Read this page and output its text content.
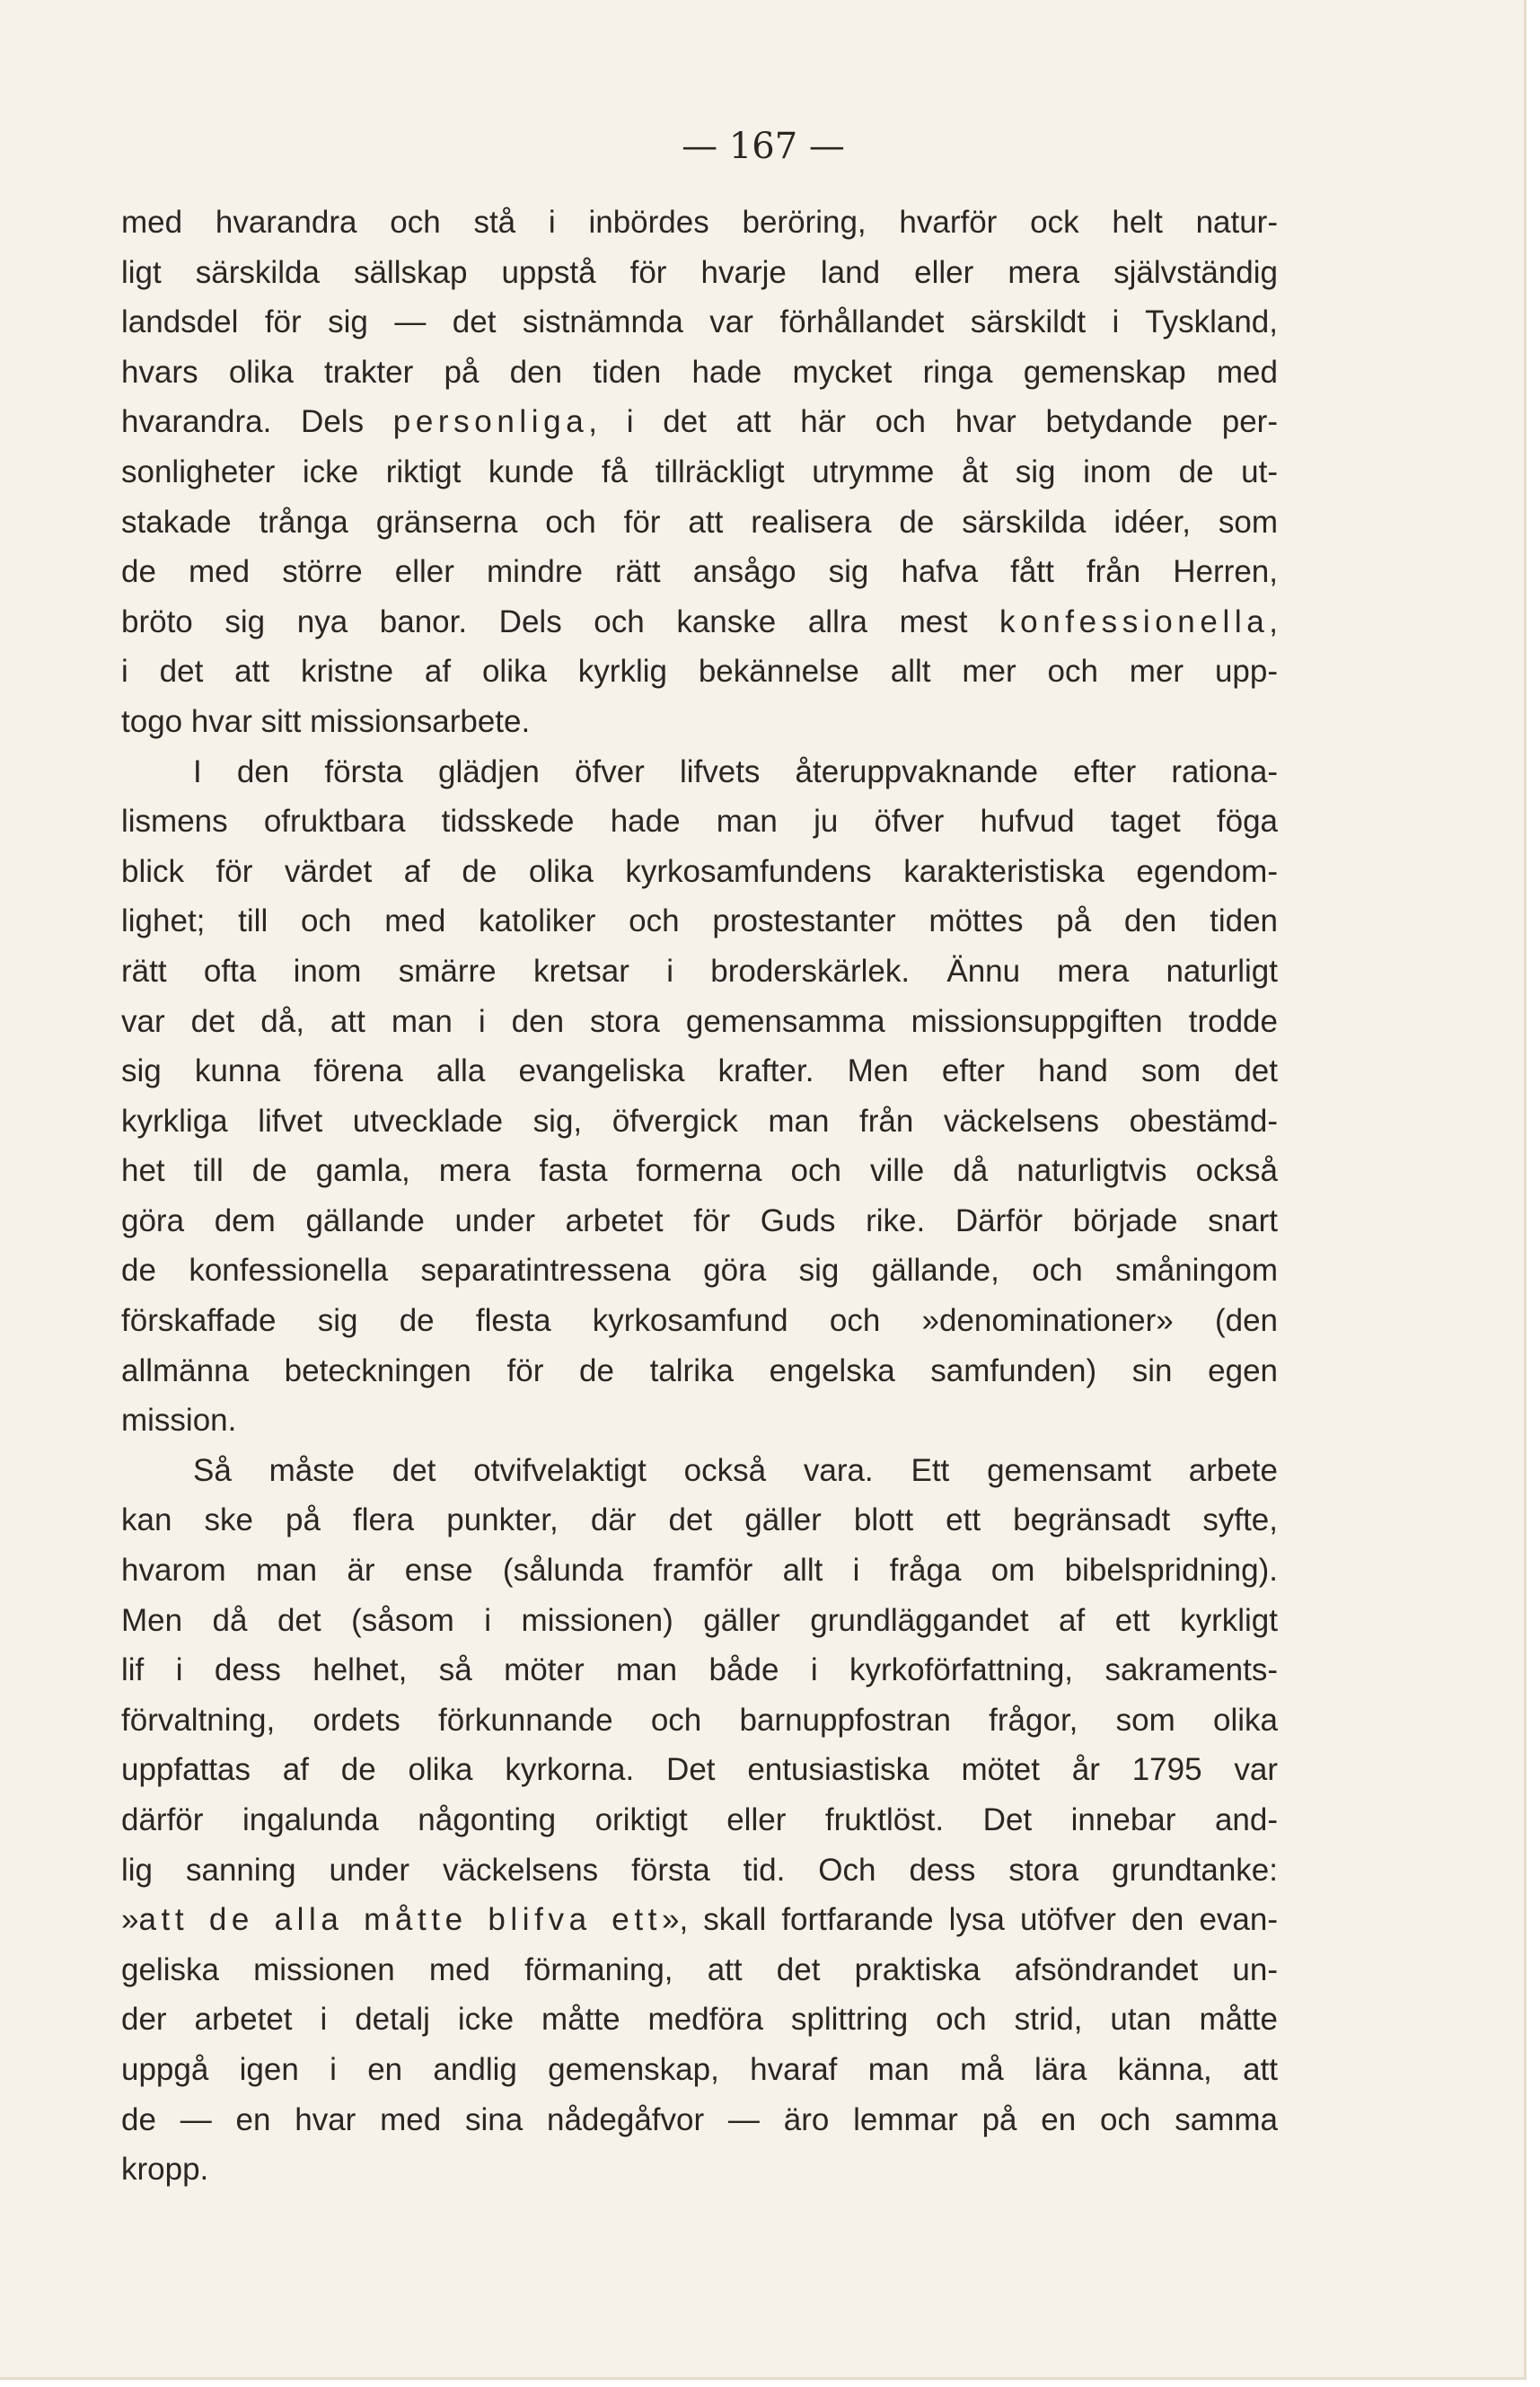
— 167 —

med hvarandra och stå i inbördes beröring, hvarför ock helt natur-
ligt särskilda sällskap uppstå för hvarje land eller mera självständig
landsdel för sig — det sistnämnda var förhållandet särskildt i Tyskland,
hvars olika trakter på den tiden hade mycket ringa gemenskap med
hvarandra. Dels personliga, i det att här och hvar betydande per-
sonligheter icke riktigt kunde få tillräckligt utrymme åt sig inom de ut-
stakade trånga gränserna och för att realisera de särskilda idéer, som
de med större eller mindre rätt ansågo sig hafva fått från Herren,
bröto sig nya banor. Dels och kanske allra mest konfessionella,
i det att kristne af olika kyrklig bekännelse allt mer och mer upp-
togo hvar sitt missionsarbete.

I den första glädjen öfver lifvets återuppvaknande efter rationa-
lismens ofruktbara tidsskede hade man ju öfver hufvud taget föga
blick för värdet af de olika kyrkosamfundens karakteristiska egendom-
lighet; till och med katoliker och prostestanter möttes på den tiden
rätt ofta inom smärre kretsar i broderskärlek. Ännu mera naturligt
var det då, att man i den stora gemensamma missionsuppgiften trodde
sig kunna förena alla evangeliska krafter. Men efter hand som det
kyrkliga lifvet utvecklade sig, öfvergick man från väckelsens obestämd-
het till de gamla, mera fasta formerna och ville då naturligtvis också
göra dem gällande under arbetet för Guds rike. Därför började snart
de konfessionella separatintressena göra sig gällande, och småningom
förskaffade sig de flesta kyrkosamfund och »denominationer» (den
allmänna beteckningen för de talrika engelska samfunden) sin egen
mission.

Så måste det otvifvelaktigt också vara. Ett gemensamt arbete
kan ske på flera punkter, där det gäller blott ett begränsadt syfte,
hvarom man är ense (sålunda framför allt i fråga om bibelspridning).
Men då det (såsom i missionen) gäller grundläggandet af ett kyrkligt
lif i dess helhet, så möter man både i kyrkoförfattning, sakraments-
förvaltning, ordets förkunnande och barnuppfostran frågor, som olika
uppfattas af de olika kyrkorna. Det entusiastiska mötet år 1795 var
därför ingalunda någonting oriktigt eller fruktlöst. Det innebar and-
lig sanning under väckelsens första tid. Och dess stora grundtanke:
»att de alla måtte blifva ett», skall fortfarande lysa utöfver den evan-
geliska missionen med förmaning, att det praktiska afsöndrandet un-
der arbetet i detalj icke måtte medföra splittring och strid, utan måtte
uppgå igen i en andlig gemenskap, hvaraf man må lära känna, att
de — en hvar med sina nådegåfvor — äro lemmar på en och samma
kropp.
